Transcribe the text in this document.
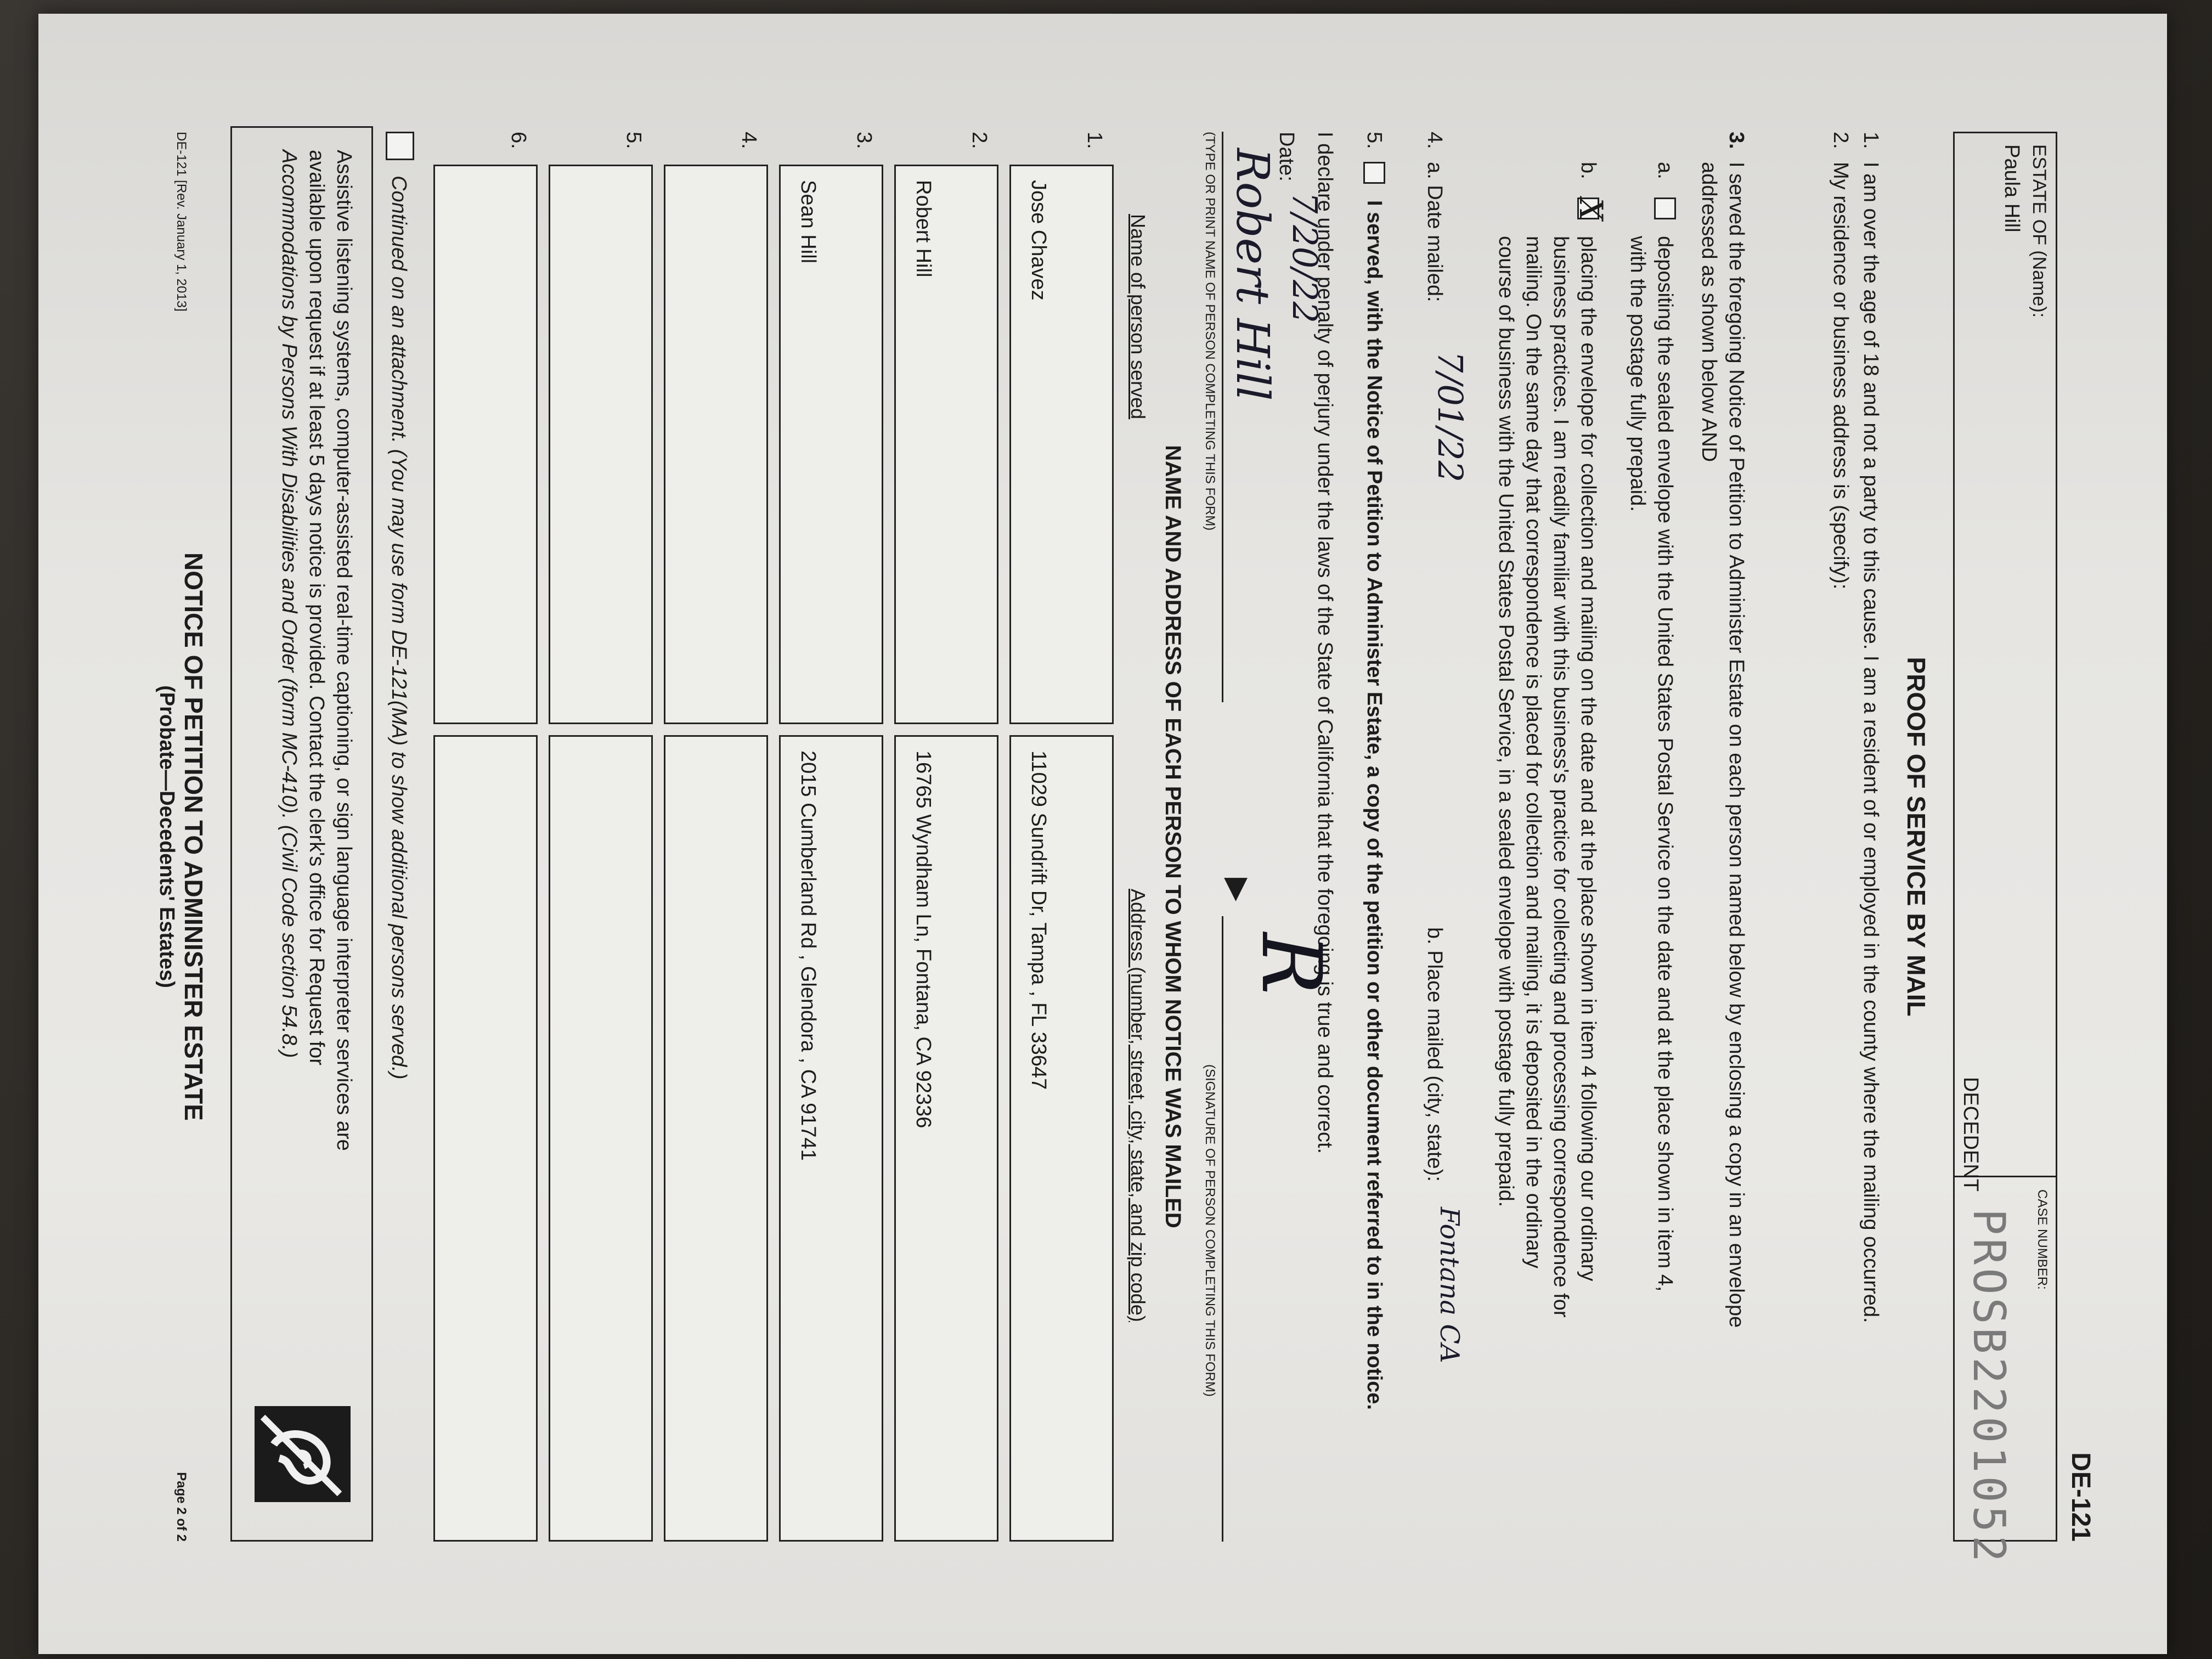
DE-121
ESTATE OF (Name):
Paula Hill
DECEDENT
CASE NUMBER:
PROSB2201052
PROOF OF SERVICE BY MAIL
1.
I am over the age of 18 and not a party to this cause. I am a resident of or employed in the county where the mailing occurred.
2.
My residence or business address is (specify):
3.
I served the foregoing Notice of Petition to Administer Estate on each person named below by enclosing a copy in an envelope
addressed as shown below AND
a.
depositing the sealed envelope with the United States Postal Service on the date and at the place shown in item 4,
with the postage fully prepaid.
b.
X
placing the envelope for collection and mailing on the date and at the place shown in item 4 following our ordinary
business practices. I am readily familiar with this business's practice for collecting and processing correspondence for
mailing. On the same day that correspondence is placed for collection and mailing, it is deposited in the ordinary
course of business with the United States Postal Service, in a sealed envelope with postage fully prepaid.
4.
a. Date mailed:
7/01/22
b. Place mailed (city, state):
Fontana CA
5.
I served, with the Notice of Petition to Administer Estate, a copy of the petition or other document referred to in the notice.
I declare under penalty of perjury under the laws of the State of California that the foregoing is true and correct.
Date:
7/20/22
Robert Hill
(TYPE OR PRINT NAME OF PERSON COMPLETING THIS FORM)
▶
R
(SIGNATURE OF PERSON COMPLETING THIS FORM)
NAME AND ADDRESS OF EACH PERSON TO WHOM NOTICE WAS MAILED
Name of person served
Address (number, street, city, state, and zip code)
1.
Jose Chavez
11029 Sundrift Dr, Tampa , FL 33647
2.
Robert Hill
16765 Wyndham Ln, Fontana, CA 92336
3.
Sean Hill
2015 Cumberland Rd , Glendora , CA 91741
4.
5.
6.
Continued on an attachment. (You may use form DE-121(MA) to show additional persons served.)
Assistive listening systems, computer-assisted real-time captioning, or sign language interpreter services are
available upon request if at least 5 days notice is provided. Contact the clerk's office for Request for
Accommodations by Persons With Disabilities and Order (form MC-410). (Civil Code section 54.8.)
DE-121 [Rev. January 1, 2013]
NOTICE OF PETITION TO ADMINISTER ESTATE
(Probate—Decedents' Estates)
Page 2 of 2
